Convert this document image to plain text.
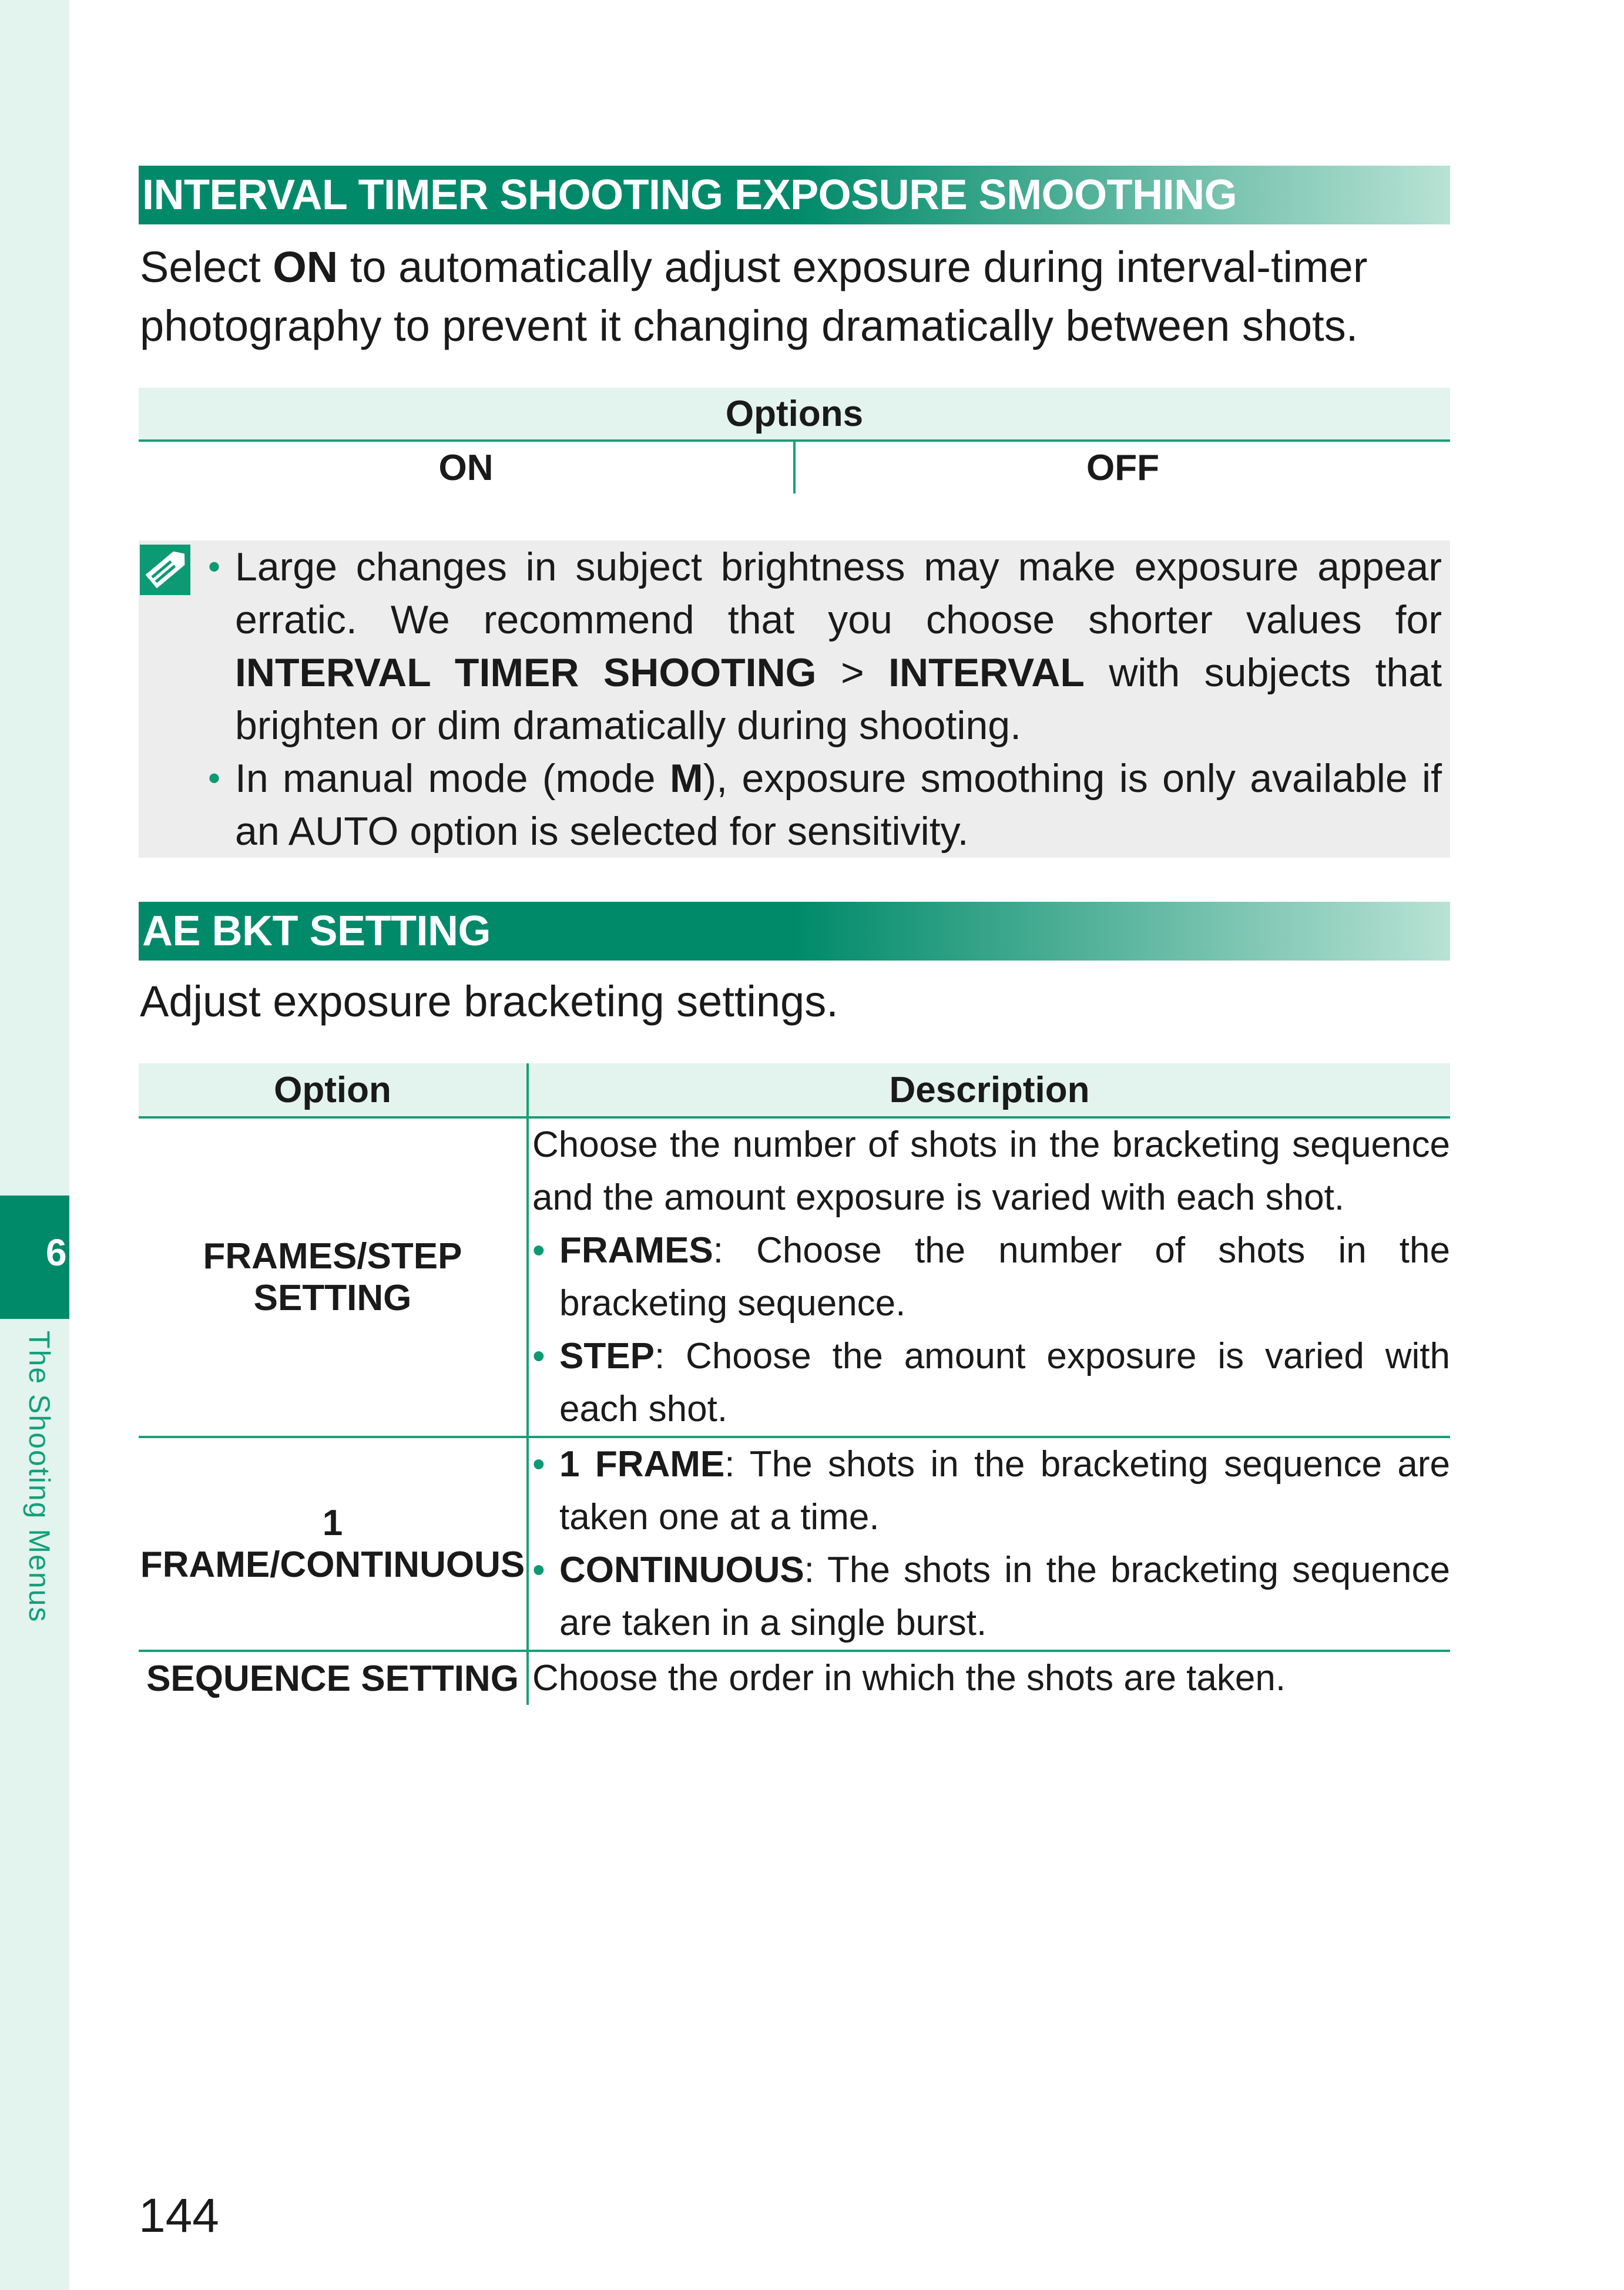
6
The Shooting Menus
INTERVAL TIMER SHOOTING EXPOSURE SMOOTHING
Select ON to automatically adjust exposure during interval-timer photography to prevent it changing dramatically between shots.
Options
ON	OFF
• Large changes in subject brightness may make exposure appear erratic. We recommend that you choose shorter values for INTERVAL TIMER SHOOTING > INTERVAL with subjects that brighten or dim dramatically during shooting.
• In manual mode (mode M), exposure smoothing is only available if an AUTO option is selected for sensitivity.
AE BKT SETTING
Adjust exposure bracketing settings.
Option	Description
FRAMES/STEP SETTING	Choose the number of shots in the bracketing sequence and the amount exposure is varied with each shot.
• FRAMES: Choose the number of shots in the bracketing sequence.
• STEP: Choose the amount exposure is varied with each shot.

1 FRAME/CONTINUOUS	• 1 FRAME: The shots in the bracketing sequence are taken one at a time.
• CONTINUOUS: The shots in the bracketing sequence are taken in a single burst.

SEQUENCE SETTING	Choose the order in which the shots are taken.
144
